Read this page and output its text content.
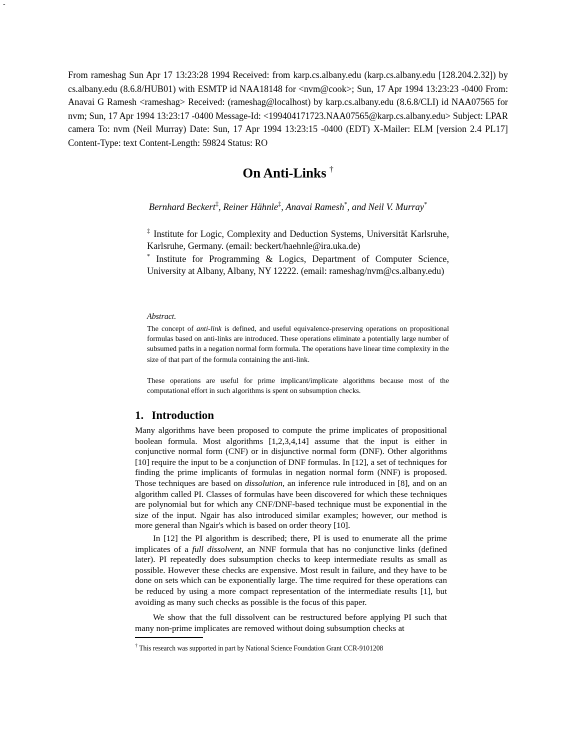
-
From rameshag Sun Apr 17 13:23:28 1994 Received: from karp.cs.albany.edu (karp.cs.albany.edu [128.204.2.32]) by cs.albany.edu (8.6.8/HUB01) with ESMTP id NAA18148 for <nvm@cook>; Sun, 17 Apr 1994 13:23:23 -0400 From: Anavai G Ramesh <rameshag> Received: (rameshag@localhost) by karp.cs.albany.edu (8.6.8/CLI) id NAA07565 for nvm; Sun, 17 Apr 1994 13:23:17 -0400 Message-Id: <199404171723.NAA07565@karp.cs.albany.edu> Subject: LPAR camera To: nvm (Neil Murray) Date: Sun, 17 Apr 1994 13:23:15 -0400 (EDT) X-Mailer: ELM [version 2.4 PL17] Content-Type: text Content-Length: 59824 Status: RO
On Anti-Links †
Bernhard Beckert‡, Reiner Hähnle‡, Anavai Ramesh*, and Neil V. Murray*
‡ Institute for Logic, Complexity and Deduction Systems, Universität Karlsruhe, Karlsruhe, Germany. (email: beckert/haehnle@ira.uka.de)
* Institute for Programming & Logics, Department of Computer Science, University at Albany, Albany, NY 12222. (email: rameshag/nvm@cs.albany.edu)
Abstract.
The concept of anti-link is defined, and useful equivalence-preserving operations on propositional formulas based on anti-links are introduced. These operations eliminate a potentially large number of subsumed paths in a negation normal form formula. The operations have linear time complexity in the size of that part of the formula containing the anti-link.
These operations are useful for prime implicant/implicate algorithms because most of the computational effort in such algorithms is spent on subsumption checks.
1. Introduction
Many algorithms have been proposed to compute the prime implicates of propositional boolean formula. Most algorithms [1,2,3,4,14] assume that the input is either in conjunctive normal form (CNF) or in disjunctive normal form (DNF). Other algorithms [10] require the input to be a conjunction of DNF formulas. In [12], a set of techniques for finding the prime implicants of formulas in negation normal form (NNF) is proposed. Those techniques are based on dissolution, an inference rule introduced in [8], and on an algorithm called PI. Classes of formulas have been discovered for which these techniques are polynomial but for which any CNF/DNF-based technique must be exponential in the size of the input. Ngair has also introduced similar examples; however, our method is more general than Ngair's which is based on order theory [10].
In [12] the PI algorithm is described; there, PI is used to enumerate all the prime implicates of a full dissolvent, an NNF formula that has no conjunctive links (defined later). PI repeatedly does subsumption checks to keep intermediate results as small as possible. However these checks are expensive. Most result in failure, and they have to be done on sets which can be exponentially large. The time required for these operations can be reduced by using a more compact representation of the intermediate results [1], but avoiding as many such checks as possible is the focus of this paper.
We show that the full dissolvent can be restructured before applying PI such that many non-prime implicates are removed without doing subsumption checks at
† This research was supported in part by National Science Foundation Grant CCR-9101208
